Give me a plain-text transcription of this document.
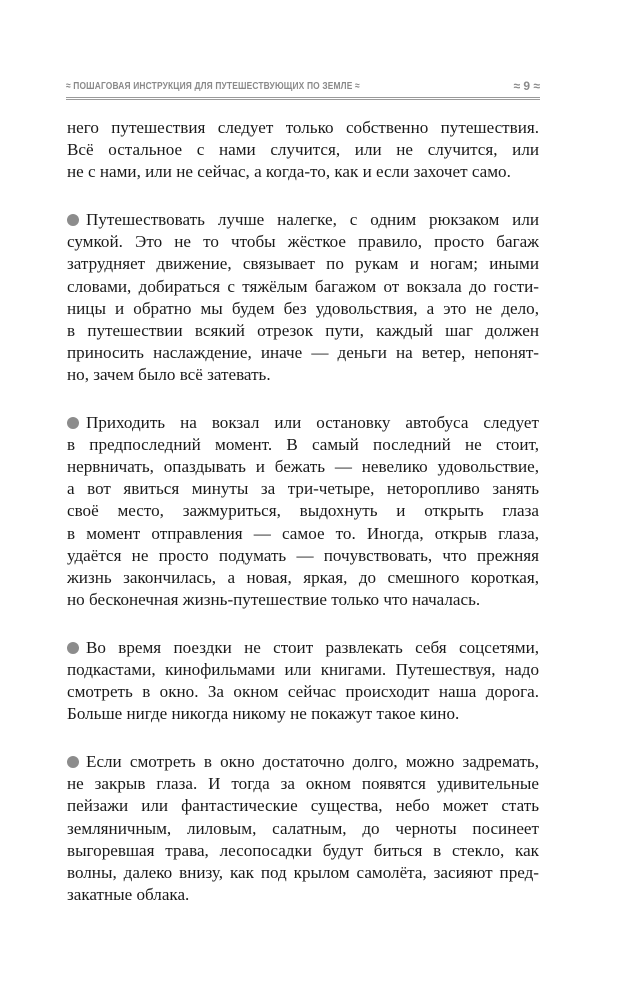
≈ ПОШАГОВАЯ ИНСТРУКЦИЯ ДЛЯ ПУТЕШЕСТВУЮЩИХ ПО ЗЕМЛЕ ≈	≈ 9 ≈

него путешествия следует только собственно путешествия.
Всё остальное с нами случится, или не случится, или
не с нами, или не сейчас, а когда-то, как и если захочет само.

Путешествовать лучше налегке, с одним рюкзаком или
сумкой. Это не то чтобы жёсткое правило, просто багаж
затрудняет движение, связывает по рукам и ногам; иными
словами, добираться с тяжёлым багажом от вокзала до гости-
ницы и обратно мы будем без удовольствия, а это не дело,
в путешествии всякий отрезок пути, каждый шаг должен
приносить наслаждение, иначе — деньги на ветер, непонят-
но, зачем было всё затевать.

Приходить на вокзал или остановку автобуса следует
в предпоследний момент. В самый последний не стоит,
нервничать, опаздывать и бежать — невелико удовольствие,
а вот явиться минуты за три-четыре, неторопливо занять
своё место, зажмуриться, выдохнуть и открыть глаза
в момент отправления — самое то. Иногда, открыв глаза,
удаётся не просто подумать — почувствовать, что прежняя
жизнь закончилась, а новая, яркая, до смешного короткая,
но бесконечная жизнь-путешествие только что началась.

Во время поездки не стоит развлекать себя соцсетями,
подкастами, кинофильмами или книгами. Путешествуя, надо
смотреть в окно. За окном сейчас происходит наша дорога.
Больше нигде никогда никому не покажут такое кино.

Если смотреть в окно достаточно долго, можно задремать,
не закрыв глаза. И тогда за окном появятся удивительные
пейзажи или фантастические существа, небо может стать
земляничным, лиловым, салатным, до черноты посинеет
выгоревшая трава, лесопосадки будут биться в стекло, как
волны, далеко внизу, как под крылом самолёта, засияют пред-
закатные облака.
